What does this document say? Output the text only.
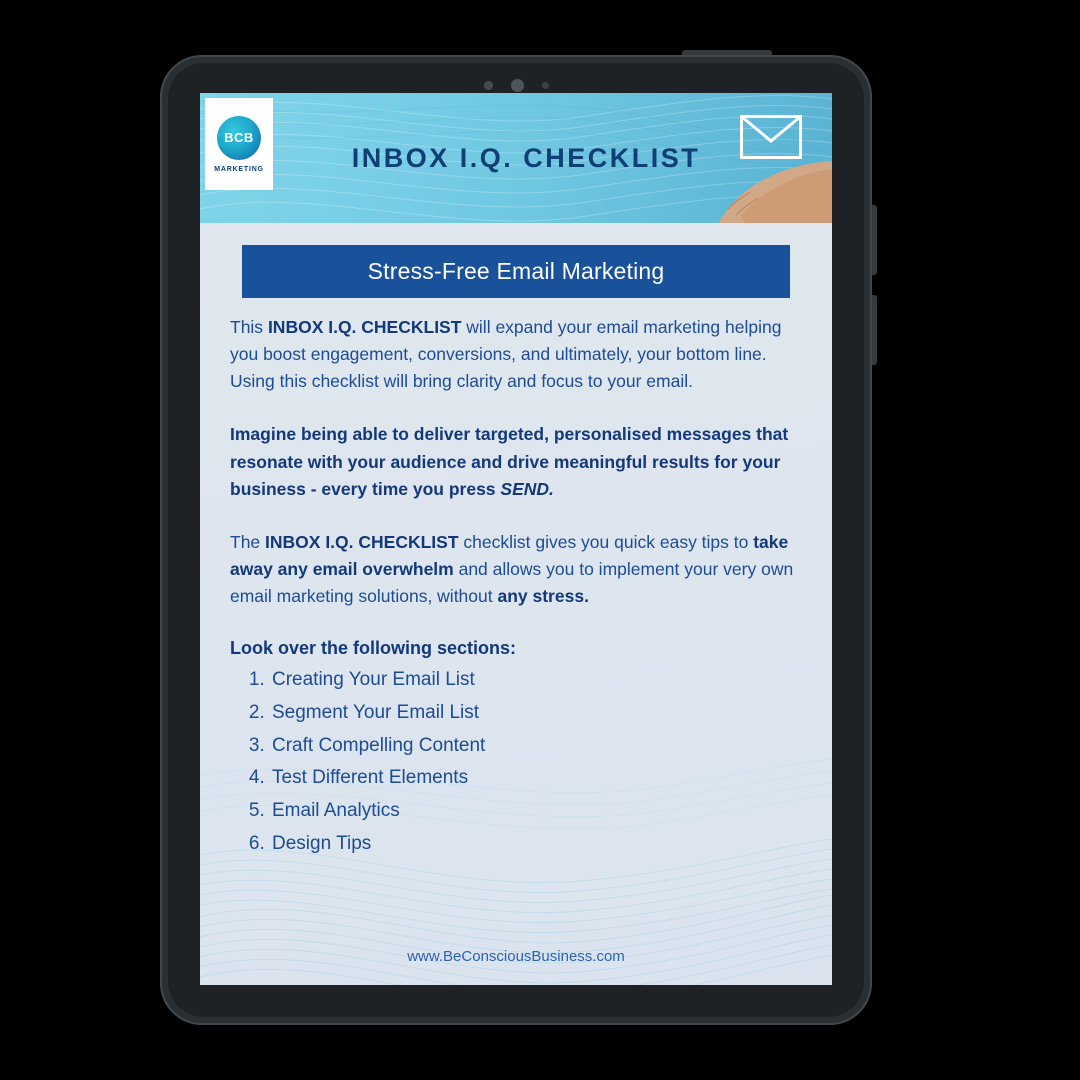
INBOX I.Q. CHECKLIST
BCB
MARKETING
Stress-Free Email Marketing

This INBOX I.Q. CHECKLIST will expand your email marketing helping you boost engagement, conversions, and ultimately, your bottom line.  Using this checklist will bring clarity and focus to your email.

Imagine being able to deliver targeted, personalised messages that resonate with your audience and drive meaningful results for your business - every time you press SEND.

The INBOX I.Q. CHECKLIST checklist gives you quick easy tips to take away any email overwhelm and allows you to implement your very own email marketing solutions, without any stress.

Look over the following sections:
1. Creating Your Email List
2. Segment Your Email List
3. Craft Compelling Content
4. Test Different Elements
5. Email Analytics
6. Design Tips
www.BeConsciousBusiness.com
